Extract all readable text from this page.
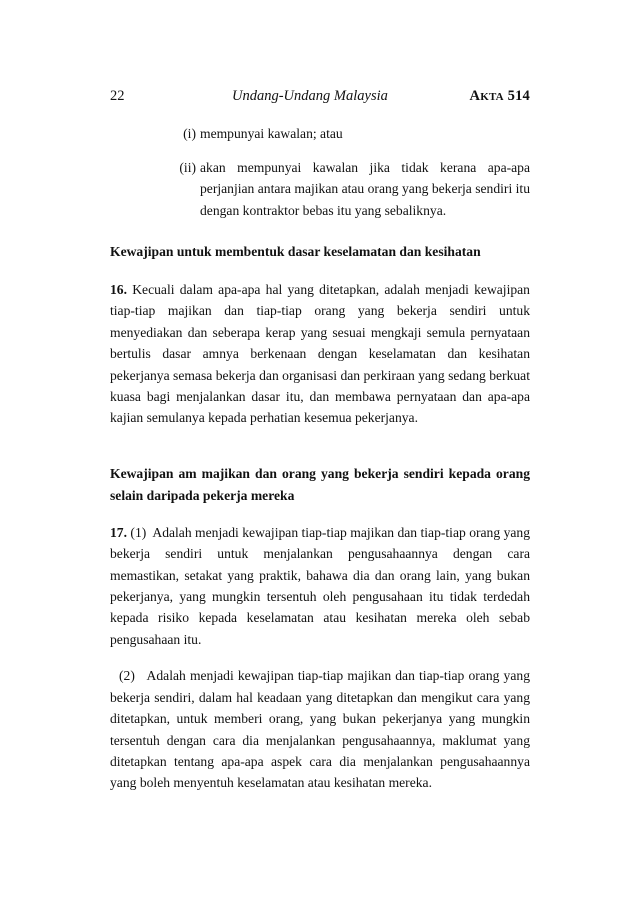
22	Undang-Undang Malaysia	AKTA 514
(i) mempunyai kawalan; atau
(ii) akan mempunyai kawalan jika tidak kerana apa-apa perjanjian antara majikan atau orang yang bekerja sendiri itu dengan kontraktor bebas itu yang sebaliknya.
Kewajipan untuk membentuk dasar keselamatan dan kesihatan
16. Kecuali dalam apa-apa hal yang ditetapkan, adalah menjadi kewajipan tiap-tiap majikan dan tiap-tiap orang yang bekerja sendiri untuk menyediakan dan seberapa kerap yang sesuai mengkaji semula pernyataan bertulis dasar amnya berkenaan dengan keselamatan dan kesihatan pekerjanya semasa bekerja dan organisasi dan perkiraan yang sedang berkuat kuasa bagi menjalankan dasar itu, dan membawa pernyataan dan apa-apa kajian semulanya kepada perhatian kesemua pekerjanya.
Kewajipan am majikan dan orang yang bekerja sendiri kepada orang selain daripada pekerja mereka
17. (1) Adalah menjadi kewajipan tiap-tiap majikan dan tiap-tiap orang yang bekerja sendiri untuk menjalankan pengusahaannya dengan cara memastikan, setakat yang praktik, bahawa dia dan orang lain, yang bukan pekerjanya, yang mungkin tersentuh oleh pengusahaan itu tidak terdedah kepada risiko kepada keselamatan atau kesihatan mereka oleh sebab pengusahaan itu.
(2) Adalah menjadi kewajipan tiap-tiap majikan dan tiap-tiap orang yang bekerja sendiri, dalam hal keadaan yang ditetapkan dan mengikut cara yang ditetapkan, untuk memberi orang, yang bukan pekerjanya yang mungkin tersentuh dengan cara dia menjalankan pengusahaannya, maklumat yang ditetapkan tentang apa-apa aspek cara dia menjalankan pengusahaannya yang boleh menyentuh keselamatan atau kesihatan mereka.
